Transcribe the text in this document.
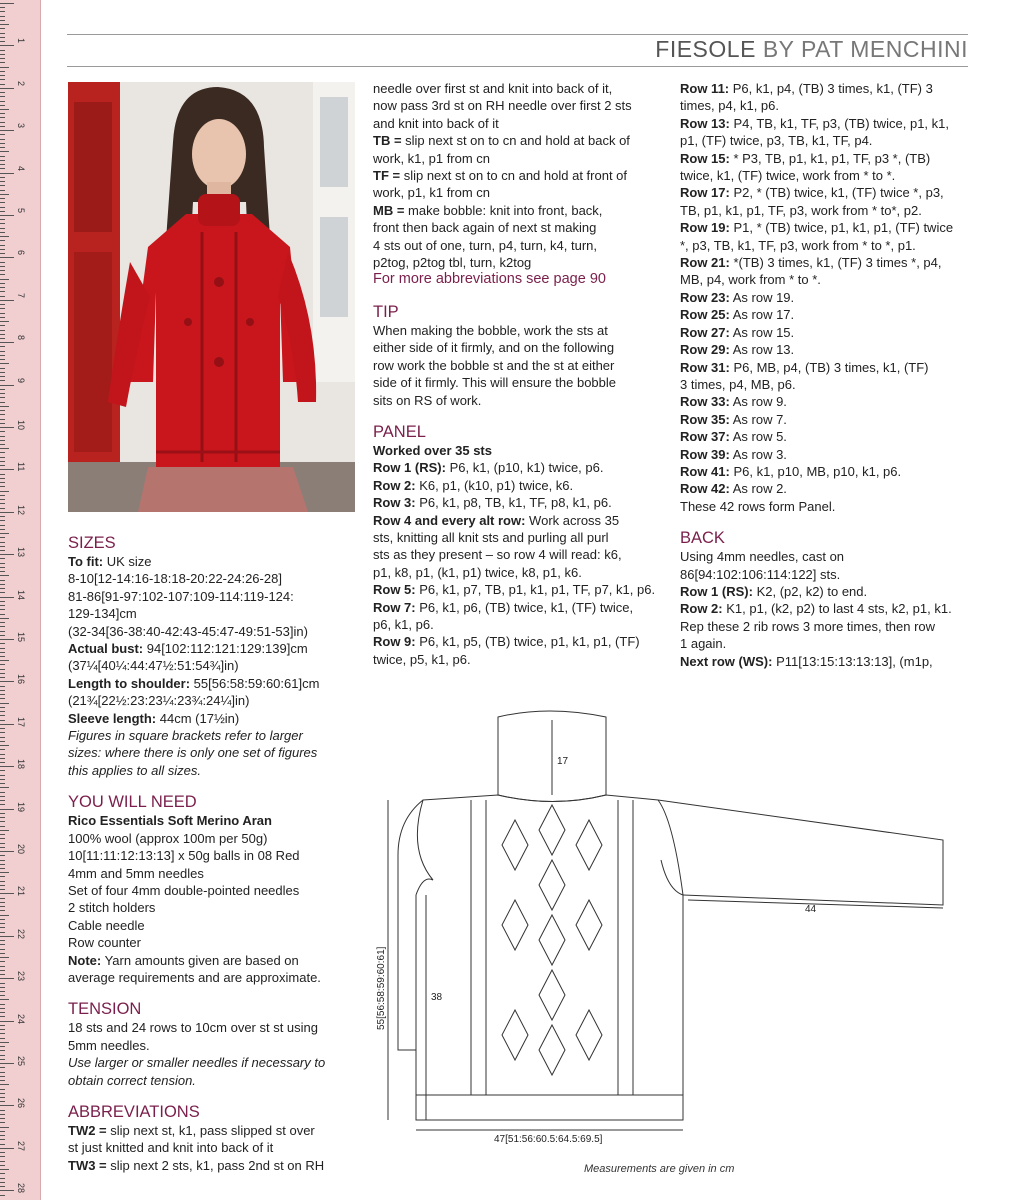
1
2
3
4
5
6
7
8
9
10
11
12
13
14
15
16
17
18
19
20
21
22
23
24
25
26
27
28
FIESOLE BY PAT MENCHINI

SIZES

To fit: UK size

8-10[12-14:16-18:18-20:22-24:26-28]

81-86[91-97:102-107:109-114:119-124:

129-134]cm

(32-34[36-38:40-42:43-45:47-49:51-53]in)

Actual bust: 94[102:112:121:129:139]cm

(37¼[40¼:44:47½:51:54¾]in)

Length to shoulder: 55[56:58:59:60:61]cm

(21¾[22½:23:23¼:23¾:24¼]in)

Sleeve length: 44cm (17½in)

Figures in square brackets refer to larger

sizes: where there is only one set of figures

this applies to all sizes.

YOU WILL NEED

Rico Essentials Soft Merino Aran

100% wool (approx 100m per 50g)

10[11:11:12:13:13] x 50g balls in 08 Red

4mm and 5mm needles

Set of four 4mm double-pointed needles

2 stitch holders

Cable needle

Row counter

Note: Yarn amounts given are based on

average requirements and are approximate.

TENSION

18 sts and 24 rows to 10cm over st st using

5mm needles.

Use larger or smaller needles if necessary to

obtain correct tension.

ABBREVIATIONS

TW2 = slip next st, k1, pass slipped st over

st just knitted and knit into back of it

TW3 = slip next 2 sts, k1, pass 2nd st on RH

needle over first st and knit into back of it,

now pass 3rd st on RH needle over first 2 sts

and knit into back of it

TB = slip next st on to cn and hold at back of

work, k1, p1 from cn

TF = slip next st on to cn and hold at front of

work, p1, k1 from cn

MB = make bobble: knit into front, back,

front then back again of next st making

4 sts out of one, turn, p4, turn, k4, turn,

p2tog, p2tog tbl, turn, k2tog

For more abbreviations see page 90

TIP

When making the bobble, work the sts at

either side of it firmly, and on the following

row work the bobble st and the st at either

side of it firmly. This will ensure the bobble

sits on RS of work.

PANEL

Worked over 35 sts

Row 1 (RS): P6, k1, (p10, k1) twice, p6.

Row 2: K6, p1, (k10, p1) twice, k6.

Row 3: P6, k1, p8, TB, k1, TF, p8, k1, p6.

Row 4 and every alt row: Work across 35

sts, knitting all knit sts and purling all purl

sts as they present – so row 4 will read: k6,

p1, k8, p1, (k1, p1) twice, k8, p1, k6.

Row 5: P6, k1, p7, TB, p1, k1, p1, TF, p7, k1, p6.

Row 7: P6, k1, p6, (TB) twice, k1, (TF) twice,

p6, k1, p6.

Row 9: P6, k1, p5, (TB) twice, p1, k1, p1, (TF)

twice, p5, k1, p6.

Row 11: P6, k1, p4, (TB) 3 times, k1, (TF) 3

times, p4, k1, p6.

Row 13: P4, TB, k1, TF, p3, (TB) twice, p1, k1,

p1, (TF) twice, p3, TB, k1, TF, p4.

Row 15: * P3, TB, p1, k1, p1, TF, p3 *, (TB)

twice, k1, (TF) twice, work from * to *.

Row 17: P2, * (TB) twice, k1, (TF) twice *, p3,

TB, p1, k1, p1, TF, p3, work from * to*, p2.

Row 19: P1, * (TB) twice, p1, k1, p1, (TF) twice

*, p3, TB, k1, TF, p3, work from * to *, p1.

Row 21: *(TB) 3 times, k1, (TF) 3 times *, p4,

MB, p4, work from * to *.

Row 23: As row 19.

Row 25: As row 17.

Row 27: As row 15.

Row 29: As row 13.

Row 31: P6, MB, p4, (TB) 3 times, k1, (TF)

3 times, p4, MB, p6.

Row 33: As row 9.

Row 35: As row 7.

Row 37: As row 5.

Row 39: As row 3.

Row 41: P6, k1, p10, MB, p10, k1, p6.

Row 42: As row 2.

These 42 rows form Panel.

BACK

Using 4mm needles, cast on

86[94:102:106:114:122] sts.

Row 1 (RS): K2, (p2, k2) to end.

Row 2: K1, p1, (k2, p2) to last 4 sts, k2, p1, k1.

Rep these 2 rib rows 3 more times, then row

1 again.

Next row (WS): P11[13:15:13:13:13], (m1p,

17
55[56:58:59:60:61]	38
44
47[51:56:60.5:64.5:69.5]
Measurements are given in cm
